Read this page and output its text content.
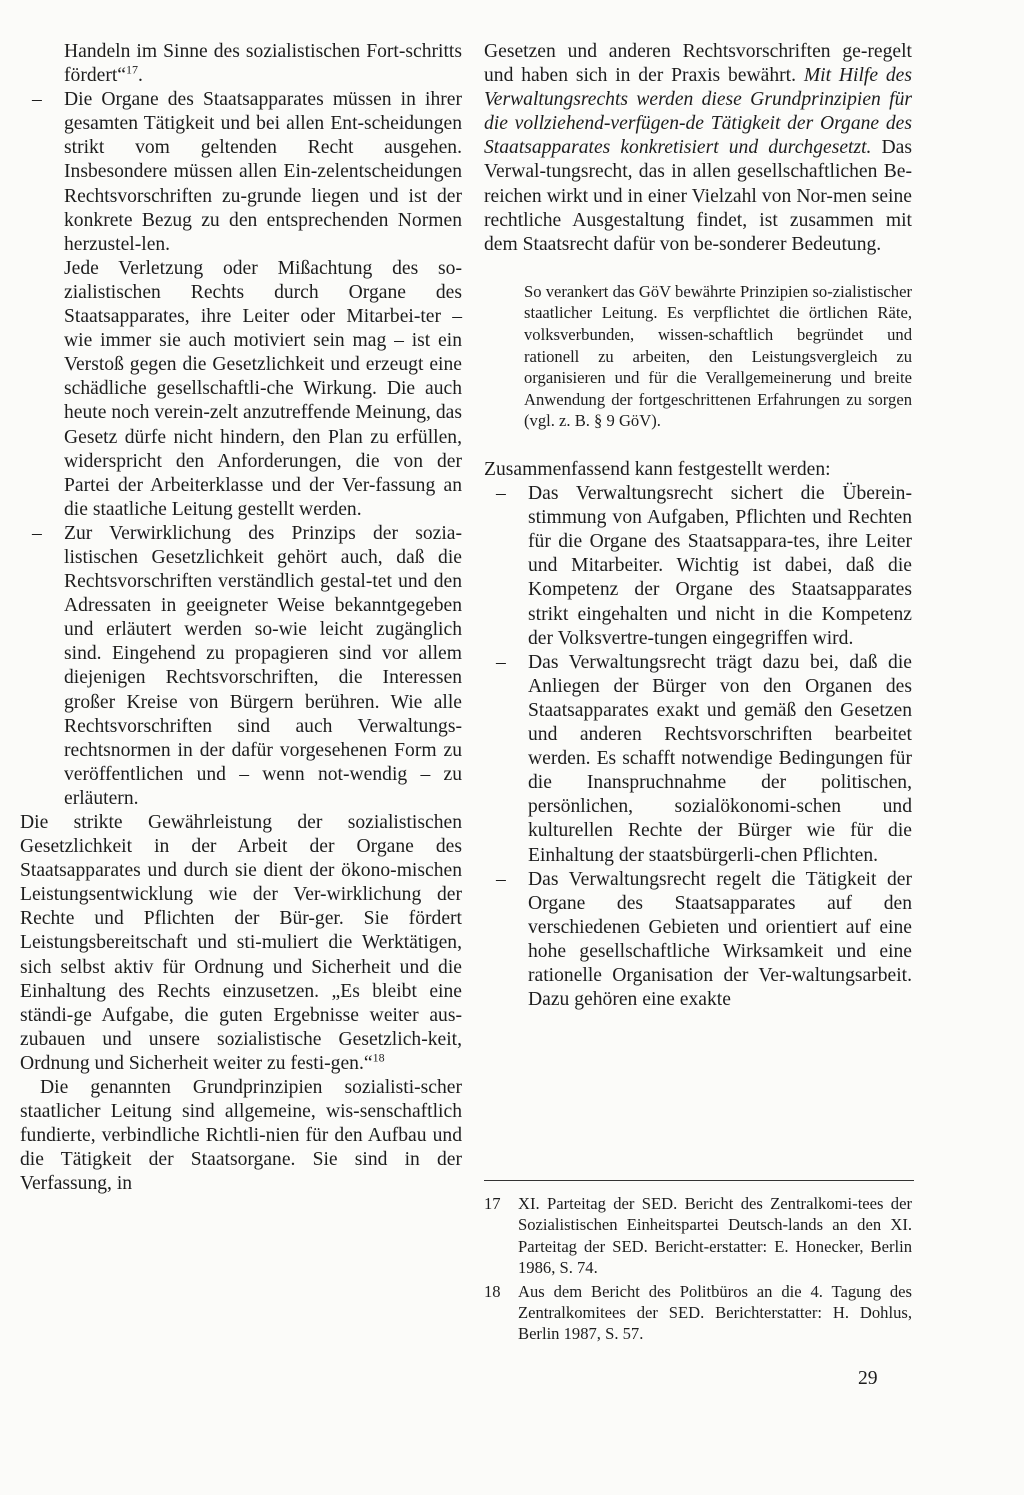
Handeln im Sinne des sozialistischen Fort-schritts fördert“$^{17}$.

– Die Organe des Staatsapparates müssen in ihrer gesamten Tätigkeit und bei allen Ent-scheidungen strikt vom geltenden Recht ausgehen. Insbesondere müssen allen Ein-zelentscheidungen Rechtsvorschriften zu-grunde liegen und ist der konkrete Bezug zu den entsprechenden Normen herzustel-len.

Jede Verletzung oder Mißachtung des so-zialistischen Rechts durch Organe des Staatsapparates, ihre Leiter oder Mitarbei-ter – wie immer sie auch motiviert sein mag – ist ein Verstoß gegen die Gesetzlichkeit und erzeugt eine schädliche gesellschaftli-che Wirkung. Die auch heute noch verein-zelt anzutreffende Meinung, das Gesetz dürfe nicht hindern, den Plan zu erfüllen, widerspricht den Anforderungen, die von der Partei der Arbeiterklasse und der Ver-fassung an die staatliche Leitung gestellt werden.

– Zur Verwirklichung des Prinzips der sozia-listischen Gesetzlichkeit gehört auch, daß die Rechtsvorschriften verständlich gestal-tet und den Adressaten in geeigneter Weise bekanntgegeben und erläutert werden so-wie leicht zugänglich sind. Eingehend zu propagieren sind vor allem diejenigen Rechtsvorschriften, die Interessen großer Kreise von Bürgern berühren. Wie alle Rechtsvorschriften sind auch Verwaltungs-rechtsnormen in der dafür vorgesehenen Form zu veröffentlichen und – wenn not-wendig – zu erläutern.

Die strikte Gewährleistung der sozialistischen Gesetzlichkeit in der Arbeit der Organe des Staatsapparates und durch sie dient der ökono-mischen Leistungsentwicklung wie der Ver-wirklichung der Rechte und Pflichten der Bür-ger. Sie fördert Leistungsbereitschaft und sti-muliert die Werktätigen, sich selbst aktiv für Ordnung und Sicherheit und die Einhaltung des Rechts einzusetzen. „Es bleibt eine ständi-ge Aufgabe, die guten Ergebnisse weiter aus-zubauen und unsere sozialistische Gesetzlich-keit, Ordnung und Sicherheit weiter zu festi-gen.“$^{18}$

Die genannten Grundprinzipien sozialisti-scher staatlicher Leitung sind allgemeine, wis-senschaftlich fundierte, verbindliche Richtli-nien für den Aufbau und die Tätigkeit der Staatsorgane. Sie sind in der Verfassung, in

Gesetzen und anderen Rechtsvorschriften ge-regelt und haben sich in der Praxis bewährt. Mit Hilfe des Verwaltungsrechts werden diese Grundprinzipien für die vollziehend-verfügen-de Tätigkeit der Organe des Staatsapparates konkretisiert und durchgesetzt. Das Verwal-tungsrecht, das in allen gesellschaftlichen Be-reichen wirkt und in einer Vielzahl von Nor-men seine rechtliche Ausgestaltung findet, ist zusammen mit dem Staatsrecht dafür von be-sonderer Bedeutung.

So verankert das GöV bewährte Prinzipien so-zialistischer staatlicher Leitung. Es verpflichtet die örtlichen Räte, volksverbunden, wissen-schaftlich begründet und rationell zu arbeiten, den Leistungsvergleich zu organisieren und für die Verallgemeinerung und breite Anwendung der fortgeschrittenen Erfahrungen zu sorgen (vgl. z. B. § 9 GöV).

Zusammenfassend kann festgestellt werden:

– Das Verwaltungsrecht sichert die Überein-stimmung von Aufgaben, Pflichten und Rechten für die Organe des Staatsappara-tes, ihre Leiter und Mitarbeiter. Wichtig ist dabei, daß die Kompetenz der Organe des Staatsapparates strikt eingehalten und nicht in die Kompetenz der Volksvertre-tungen eingegriffen wird.
– Das Verwaltungsrecht trägt dazu bei, daß die Anliegen der Bürger von den Organen des Staatsapparates exakt und gemäß den Gesetzen und anderen Rechtsvorschriften bearbeitet werden. Es schafft notwendige Bedingungen für die Inanspruchnahme der politischen, persönlichen, sozialökonomi-schen und kulturellen Rechte der Bürger wie für die Einhaltung der staatsbürgerli-chen Pflichten.
– Das Verwaltungsrecht regelt die Tätigkeit der Organe des Staatsapparates auf den verschiedenen Gebieten und orientiert auf eine hohe gesellschaftliche Wirksamkeit und eine rationelle Organisation der Ver-waltungsarbeit. Dazu gehören eine exakte
17 XI. Parteitag der SED. Bericht des Zentralkomi-tees der Sozialistischen Einheitspartei Deutsch-lands an den XI. Parteitag der SED. Bericht-erstatter: E. Honecker, Berlin 1986, S. 74.
18 Aus dem Bericht des Politbüros an die 4. Tagung des Zentralkomitees der SED. Berichterstatter: H. Dohlus, Berlin 1987, S. 57.
29
